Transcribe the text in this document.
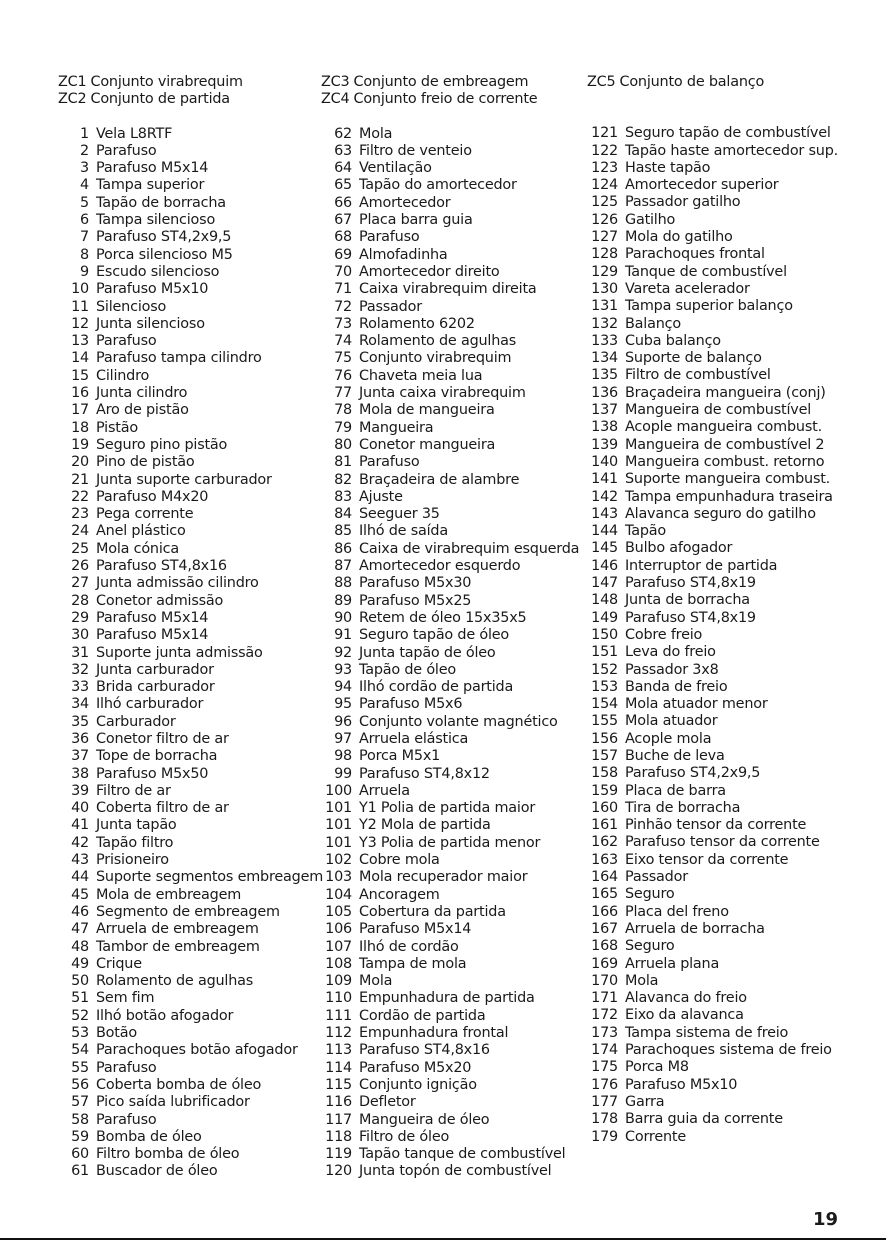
ZC1 Conjunto virabrequim
ZC2 Conjunto de partida
1 Vela L8RTF
2 Parafuso
3 Parafuso M5x14
4 Tampa superior
5 Tapão de borracha
6 Tampa silencioso
7 Parafuso ST4,2x9,5
8 Porca silencioso M5
9 Escudo silencioso
10 Parafuso M5x10
11 Silencioso
12 Junta silencioso
13 Parafuso
14 Parafuso tampa cilindro
15 Cilindro
16 Junta cilindro
17 Aro de pistão
18 Pistão
19 Seguro pino pistão
20 Pino de pistão
21 Junta suporte carburador
22 Parafuso M4x20
23 Pega corrente
24 Anel plástico
25 Mola cónica
26 Parafuso ST4,8x16
27 Junta admissão cilindro
28 Conetor admissão
29 Parafuso M5x14
30 Parafuso M5x14
31 Suporte junta admissão
32 Junta carburador
33 Brida carburador
34 Ilhó carburador
35 Carburador
36 Conetor filtro de ar
37 Tope de borracha
38 Parafuso M5x50
39 Filtro de ar
40 Coberta filtro de ar
41 Junta tapão
42 Tapão filtro
43 Prisioneiro
44 Suporte segmentos embreagem
45 Mola de embreagem
46 Segmento de embreagem
47 Arruela de embreagem
48 Tambor de embreagem
49 Crique
50 Rolamento de agulhas
51 Sem fim
52 Ilhó botão afogador
53 Botão
54 Parachoques botão afogador
55 Parafuso
56 Coberta bomba de óleo
57 Pico saída lubrificador
58 Parafuso
59 Bomba de óleo
60 Filtro bomba de óleo
61 Buscador de óleo
ZC3 Conjunto de embreagem
ZC4 Conjunto freio de corrente
62 Mola
63 Filtro de venteio
64 Ventilação
65 Tapão do amortecedor
66 Amortecedor
67 Placa barra guia
68 Parafuso
69 Almofadinha
70 Amortecedor direito
71 Caixa virabrequim direita
72 Passador
73 Rolamento 6202
74 Rolamento de agulhas
75 Conjunto virabrequim
76 Chaveta meia lua
77 Junta caixa virabrequim
78 Mola de mangueira
79 Mangueira
80 Conetor mangueira
81 Parafuso
82 Braçadeira de alambre
83 Ajuste
84 Seeguer 35
85 Ilhó de saída
86 Caixa de virabrequim esquerda
87 Amortecedor esquerdo
88 Parafuso M5x30
89 Parafuso M5x25
90 Retem de óleo 15x35x5
91 Seguro tapão de óleo
92 Junta tapão de óleo
93 Tapão de óleo
94 Ilhó cordão de partida
95 Parafuso M5x6
96 Conjunto volante magnético
97 Arruela elástica
98 Porca M5x1
99 Parafuso ST4,8x12
100 Arruela
101 Y1 Polia de partida maior
101 Y2 Mola de partida
101 Y3 Polia de partida menor
102 Cobre mola
103 Mola recuperador maior
104 Ancoragem
105 Cobertura da partida
106 Parafuso M5x14
107 Ilhó de cordão
108 Tampa de mola
109 Mola
110 Empunhadura de partida
111 Cordão de partida
112 Empunhadura frontal
113 Parafuso ST4,8x16
114 Parafuso M5x20
115 Conjunto ignição
116 Defletor
117 Mangueira de óleo
118 Filtro de óleo
119 Tapão tanque de combustível
120 Junta topón de combustível
ZC5 Conjunto de balanço
121 Seguro tapão de combustível
122 Tapão haste amortecedor sup.
123 Haste tapão
124 Amortecedor superior
125 Passador gatilho
126 Gatilho
127 Mola do gatilho
128 Parachoques frontal
129 Tanque de combustível
130 Vareta acelerador
131 Tampa superior balanço
132 Balanço
133 Cuba balanço
134 Suporte de balanço
135 Filtro de combustível
136 Braçadeira mangueira (conj)
137 Mangueira de combustível
138 Acople mangueira combust.
139 Mangueira de combustível 2
140 Mangueira combust. retorno
141 Suporte mangueira combust.
142 Tampa empunhadura traseira
143 Alavanca seguro do gatilho
144 Tapão
145 Bulbo afogador
146 Interruptor de partida
147 Parafuso ST4,8x19
148 Junta de borracha
149 Parafuso ST4,8x19
150 Cobre freio
151 Leva do freio
152 Passador 3x8
153 Banda de freio
154 Mola atuador menor
155 Mola atuador
156 Acople mola
157 Buche de leva
158 Parafuso ST4,2x9,5
159 Placa de barra
160 Tira de borracha
161 Pinhão tensor da corrente
162 Parafuso tensor da corrente
163 Eixo tensor da corrente
164 Passador
165 Seguro
166 Placa del freno
167 Arruela de borracha
168 Seguro
169 Arruela plana
170 Mola
171 Alavanca do freio
172 Eixo da alavanca
173 Tampa sistema de freio
174 Parachoques sistema de freio
175 Porca M8
176 Parafuso M5x10
177 Garra
178 Barra guia da corrente
179 Corrente
19
